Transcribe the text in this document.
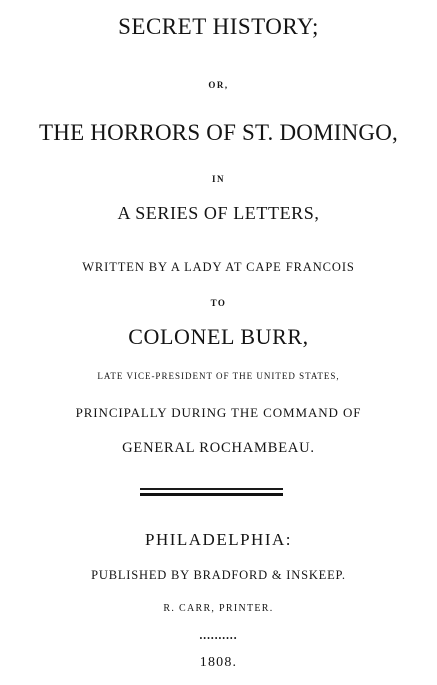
SECRET HISTORY;
OR,
THE HORRORS OF ST. DOMINGO,
IN
A SERIES OF LETTERS,
WRITTEN BY A LADY AT CAPE FRANCOIS
TO
COLONEL BURR,
LATE VICE-PRESIDENT OF THE UNITED STATES,
PRINCIPALLY DURING THE COMMAND OF
GENERAL ROCHAMBEAU.
PHILADELPHIA:
PUBLISHED BY BRADFORD & INSKEEP.
R. CARR, PRINTER.
••••••••••
1808.
